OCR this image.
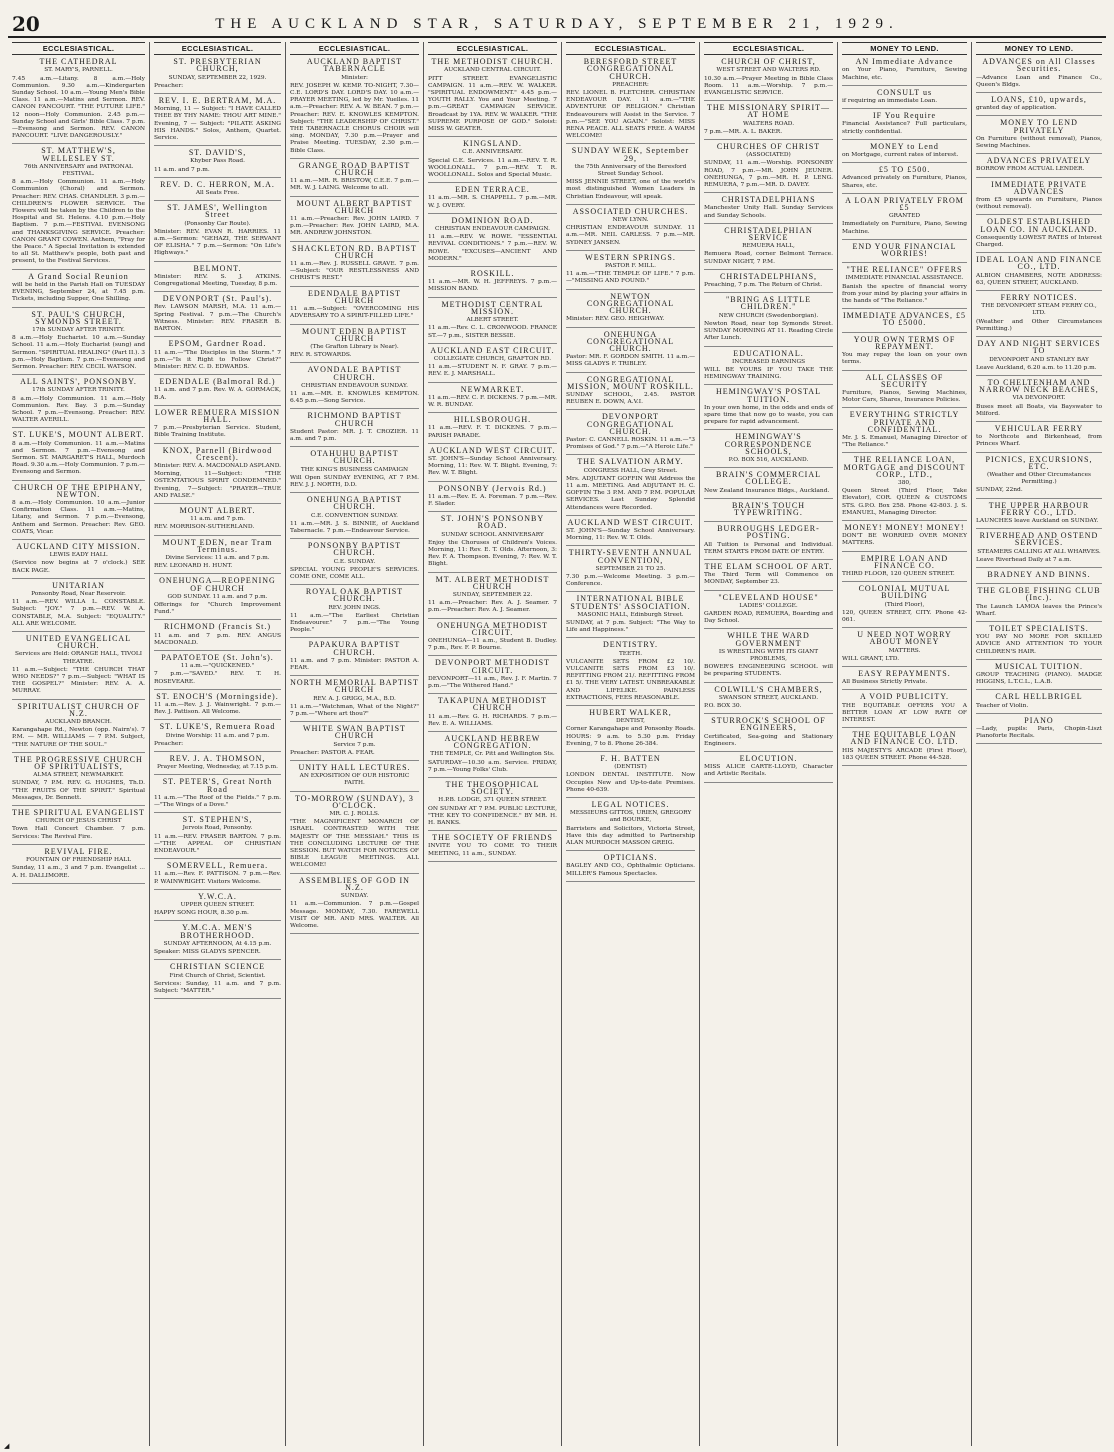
20	THE AUCKLAND STAR, SATURDAY, SEPTEMBER 21, 1929.
ECCLESIASTICAL.
THE CATHEDRAL
ST. MARY'S, PARNELL.

7.45 a.m.—Litany. 8 a.m.—Holy Communion. 9.30 a.m.—Kindergarten Sunday School. 10 a.m.—Young Men's Bible Class. 11 a.m.—Matins and Sermon. REV. CANON FANCOURT. "THE FUTURE LIFE." 12 noon—Holy Communion. 2.45 p.m.—Sunday School and Girls' Bible Class. 7 p.m.—Evensong and Sermon. REV. CANON FANCOURT. "LIVE DANGEROUSLY."

ST. MATTHEW'S, WELLESLEY ST.
76th ANNIVERSARY and PATRONAL FESTIVAL.

8 a.m.—Holy Communion. 11 a.m.—Holy Communion (Choral) and Sermon. Preacher: REV. CHAS. CHANDLER. 3 p.m.—CHILDREN'S FLOWER SERVICE. The Flowers will be taken by the Children to the Hospital and St. Helens. 4.10 p.m.—Holy Baptism. 7 p.m.—FESTIVAL EVENSONG and THANKSGIVING SERVICE. Preacher: CANON GRANT COWEN. Anthem, "Pray for the Peace." A Special Invitation is extended to all St. Matthew's people, both past and present, to the Festival Services.

A Grand Social Reunion

will be held in the Parish Hall on TUESDAY EVENING, September 24, at 7.45 p.m. Tickets, including Supper, One Shilling.

ST. PAUL'S CHURCH, SYMONDS STREET.
17th SUNDAY AFTER TRINITY.

8 a.m.—Holy Eucharist. 10 a.m.—Sunday School. 11 a.m.—Holy Eucharist (sung) and Sermon. "SPIRITUAL HEALING" (Part II.). 3 p.m.—Holy Baptism. 7 p.m.—Evensong and Sermon. Preacher: REV. CECIL WATSON.

ALL SAINTS', PONSONBY.
17th SUNDAY AFTER TRINITY.

8 a.m.—Holy Communion. 11 a.m.—Holy Communion. Rev. Bay. 3 p.m.—Sunday School. 7 p.m.—Evensong. Preacher: REV. WALTER AVERILL.

ST. LUKE'S, MOUNT ALBERT.

8 a.m.—Holy Communion. 11 a.m.—Matins and Sermon. 7 p.m.—Evensong and Sermon. ST. MARGARET'S HALL, Murdoch Road. 9.30 a.m.—Holy Communion. 7 p.m.—Evensong and Sermon.

CHURCH OF THE EPIPHANY, NEWTON.

8 a.m.—Holy Communion. 10 a.m.—Junior Confirmation Class. 11 a.m.—Matins, Litany, and Sermon. 7 p.m.—Evensong, Anthem and Sermon. Preacher: Rev. GEO. COATS, Vicar.

AUCKLAND CITY MISSION.
LEWIS EADY HALL

(Service now begins at 7 o'clock.) SEE BACK PAGE.

UNITARIAN
Ponsonby Road, Near Reservoir.

11 a.m.—REV. WILLA L. CONSTABLE. Subject: "JOY." 7 p.m.—REV. W. A. CONSTABLE, M.A. Subject: "EQUALITY." ALL ARE WELCOME.

UNITED EVANGELICAL CHURCH.
Services are Held: ORANGE HALL, TIVOLI THEATRE.

11 a.m.—Subject: "THE CHURCH THAT WHO NEEDS?" 7 p.m.—Subject: "WHAT IS THE GOSPEL?" Minister: REV. A. A. MURRAY.

SPIRITUALIST CHURCH OF N.Z.
AUCKLAND BRANCH.

Karangahape Rd., Newton (opp. Nairn's). 7 P.M. — MR. WILLIAMS — 7 P.M. Subject, "THE NATURE OF THE SOUL."

THE PROGRESSIVE CHURCH OF SPIRITUALISTS,
ALMA STREET, NEWMARKET.

SUNDAY, 7 P.M. REV. G. HUGHES, Th.D. "THE FRUITS OF THE SPIRIT." Spiritual Messages, Dr. Bennett.

THE SPIRITUAL EVANGELIST
CHURCH OF JESUS CHRIST

Town Hall Concert Chamber. 7 p.m. Services: The Revival Fire.

REVIVAL FIRE.
FOUNTAIN OF FRIENDSHIP HALL

Sunday, 11 a.m., 3 and 7 p.m. Evangelist ... A. H. DALLIMORE.

ECCLESIASTICAL.
ST. PRESBYTERIAN CHURCH,
SUNDAY, SEPTEMBER 22, 1929.

Preacher:

REV. I. E. BERTRAM, M.A.

Morning, 11 — Subject: "I HAVE CALLED THEE BY THY NAME: THOU ART MINE." Evening, 7 — Subject: "PILATE ASKING HIS HANDS." Solos, Anthem, Quartet. Service.

ST. DAVID'S,
Khyber Pass Road.

11 a.m. and 7 p.m.

REV. D. C. HERRON, M.A.
All Seats Free.
ST. JAMES', Wellington Street
(Ponsonby Car Route).

Minister: REV. EVAN R. HARRIES. 11 a.m.—Sermon: "GEHAZI, THE SERVANT OF ELISHA." 7 p.m.—Sermon: "On Life's Highways."

BELMONT.

Minister: REV. S. J. ATKINS. Congregational Meeting, Tuesday, 8 p.m.

DEVONPORT (St. Paul's).

Rev. LAWSON MARSH, M.A. 11 a.m.—Spring Festival. 7 p.m.—The Church's Witness. Minister: REV. FRASER B. BARTON.

EPSOM, Gardner Road.

11 a.m.—"The Disciples in the Storm." 7 p.m.—"Is it Right to Follow Christ?" Minister: REV. C. D. EDWARDS.

EDENDALE (Balmoral Rd.)

11 a.m. and 7 p.m. Rev. W. A. GORMACK, B.A.

LOWER REMUERA MISSION HALL.

7 p.m.—Presbyterian Service. Student, Bible Training Institute.

KNOX, Parnell (Birdwood Crescent).
Minister: REV. A. MACDONALD ASPLAND.

Morning, 11—Subject: "THE OSTENTATIOUS SPIRIT CONDEMNED." Evening, 7—Subject: "PRAYER—TRUE AND FALSE."

MOUNT ALBERT.
11 a.m. and 7 p.m.

REV. MORRISON-SUTHERLAND.

MOUNT EDEN, near Tram Terminus.
Divine Services: 11 a.m. and 7 p.m.

REV. LEONARD H. HUNT.

ONEHUNGA—REOPENING OF CHURCH
GOD SUNDAY. 11 a.m. and 7 p.m.

Offerings for "Church Improvement Fund."

RICHMOND (Francis St.)

11 a.m. and 7 p.m. REV. ANGUS MACDONALD.

PAPATOETOE (St. John's).
11 a.m.—"QUICKENED."

7 p.m.—"SAVED." REV. T. H. ROSEVEARE.

ST. ENOCH'S (Morningside).

11 a.m.—Rev. J. J. Wainwright. 7 p.m.—Rev. J. Pattison. All Welcome.

ST. LUKE'S, Remuera Road
Divine Worship: 11 a.m. and 7 p.m.

Preacher:

REV. J. A. THOMSON,
Prayer Meeting, Wednesday, at 7.15 p.m.
ST. PETER'S, Great North Road

11 a.m.—"The Roof of the Fields." 7 p.m.—"The Wings of a Dove."

ST. STEPHEN'S,
Jervois Road, Ponsonby.

11 a.m.—REV. FRASER BARTON. 7 p.m.—"THE APPEAL OF CHRISTIAN ENDEAVOUR."

SOMERVELL, Remuera.

11 a.m.—Rev. F. PATTISON. 7 p.m.—Rev. P. WAINWRIGHT. Visitors Welcome.

Y.W.C.A.
UPPER QUEEN STREET.

HAPPY SONG HOUR, 8.30 p.m.

Y.M.C.A. MEN'S BROTHERHOOD.
SUNDAY AFTERNOON, At 4.15 p.m.

Speaker: MISS GLADYS SPENCER.

CHRISTIAN SCIENCE
First Church of Christ, Scientist.

Services: Sunday, 11 a.m. and 7 p.m. Subject: "MATTER."

ECCLESIASTICAL.
AUCKLAND BAPTIST TABERNACLE
Minister:

REV. JOSEPH W. KEMP. TO-NIGHT, 7.30—C.E. LORD'S DAY. LORD'S DAY. 10 a.m.—PRAYER MEETING, led by Mr. Yuelles. 11 a.m.—Preacher: REV. A. W. BEAN. 7 p.m.—Preacher: REV. E. KNOWLES KEMPTON. Subject: "THE LEADERSHIP OF CHRIST." THE TABERNACLE CHORUS CHOIR will sing. MONDAY, 7.30 p.m.—Prayer and Praise Meeting. TUESDAY, 2.30 p.m.—Bible Class.

GRANGE ROAD BAPTIST CHURCH

11 a.m.—MR. R. BRISTOW, C.E.E. 7 p.m.—MR. W. J. LAING. Welcome to all.

MOUNT ALBERT BAPTIST CHURCH

11 a.m.—Preacher: Rev. JOHN LAIRD. 7 p.m.—Preacher: Rev. JOHN LAIRD, M.A. MR. ANDREW JOHNSTON.

SHACKLETON RD. BAPTIST CHURCH

11 a.m.—Rev. J. RUSSELL GRAVE. 7 p.m.—Subject: "OUR RESTLESSNESS AND CHRIST'S REST."

EDENDALE BAPTIST CHURCH

11 a.m.—Subject: "OVERCOMING HIS ADVERSARY TO A SPIRIT-FILLED LIFE."

MOUNT EDEN BAPTIST CHURCH
(The Grafton Library is Near).

REV. R. STOWARDS.

AVONDALE BAPTIST CHURCH.
CHRISTIAN ENDEAVOUR SUNDAY.

11 a.m.—MR. E. KNOWLES KEMPTON. 6.45 p.m.—Song Service.

RICHMOND BAPTIST CHURCH

Student Pastor: MR. J. T. CROZIER. 11 a.m. and 7 p.m.

OTAHUHU BAPTIST CHURCH.
THE KING'S BUSINESS CAMPAIGN

Will Open SUNDAY EVENING, AT 7 P.M. REV. J. J. NORTH, D.D.

ONEHUNGA BAPTIST CHURCH.
C.E. CONVENTION SUNDAY.

11 a.m.—MR. J. S. BINNIE, of Auckland Tabernacle. 7 p.m.—Endeavour Service.

PONSONBY BAPTIST CHURCH.
C.E. SUNDAY.

SPECIAL YOUNG PEOPLE'S SERVICES. COME ONE, COME ALL.

ROYAL OAK BAPTIST CHURCH.
REV. JOHN INGS.

11 a.m.—"The Earliest Christian Endeavourer." 7 p.m.—"The Young People."

PAPAKURA BAPTIST CHURCH.

11 a.m. and 7 p.m. Minister: PASTOR A. FEAR.

NORTH MEMORIAL BAPTIST CHURCH
REV. A. J. GRIGG, M.A., B.D.

11 a.m.—"Watchman, What of the Night?" 7 p.m.—"Where art thou?"

WHITE SWAN BAPTIST CHURCH
Service 7 p.m.

Preacher: PASTOR A. FEAR.

UNITY HALL LECTURES.
AN EXPOSITION OF OUR HISTORIC FAITH.
TO-MORROW (SUNDAY), 3 O'CLOCK.
MR. C. J. ROLLS.

"THE MAGNIFICENT MONARCH OF ISRAEL CONTRASTED WITH THE MAJESTY OF THE MESSIAH." THIS IS THE CONCLUDING LECTURE OF THE SESSION. BUT WATCH FOR NOTICES OF BIBLE LEAGUE MEETINGS. ALL WELCOME!

ASSEMBLIES OF GOD IN N.Z.
SUNDAY.

11 a.m.—Communion. 7 p.m.—Gospel Message. MONDAY, 7.30. FAREWELL VISIT OF MR. AND MRS. WALTER. All Welcome.

ECCLESIASTICAL.
THE METHODIST CHURCH.
AUCKLAND CENTRAL CIRCUIT.

PITT STREET. EVANGELISTIC CAMPAIGN. 11 a.m.—REV. W. WALKER. "SPIRITUAL ENDOWMENT." 4.45 p.m.—YOUTH RALLY. You and Your Meeting. 7 p.m.—GREAT CAMPAIGN SERVICE. Broadcast by 1YA. REV. W. WALKER. "THE SUPREME PURPOSE OF GOD." Soloist: MISS W. GEATER.

KINGSLAND.
C.E. ANNIVERSARY.

Special C.E. Services. 11 a.m.—REV. T. R. WOOLLONALL. 7 p.m.—REV. T. R. WOOLLONALL. Solos and Special Music.

EDEN TERRACE.

11 a.m.—MR. S. CHAPPELL. 7 p.m.—MR. W. J. OVERY.

DOMINION ROAD.
CHRISTIAN ENDEAVOUR CAMPAIGN.

11 a.m.—REV. W. ROWE. "ESSENTIAL REVIVAL CONDITIONS." 7 p.m.—REV. W. ROWE. "EXCUSES—ANCIENT AND MODERN."

ROSKILL.

11 a.m.—MR. W. H. JEFFREYS. 7 p.m.—MISSION BAND.

METHODIST CENTRAL MISSION.
ALBERT STREET.

11 a.m.—Rev. C. L. CRONWOOD. FRANCE ST.—7 p.m., SISTER BESSIE.

AUCKLAND EAST CIRCUIT.
COLLEGIATE CHURCH, GRAFTON RD.

11 a.m.—STUDENT N. F. GRAY. 7 p.m.—REV. E. J. MARSHALL.

NEWMARKET.

11 a.m.—REV. C. F. DICKENS. 7 p.m.—MR. W. R. BUNDAY.

HILLSBOROUGH.

11 a.m.—REV. F. T. DICKENS. 7 p.m.—PARISH PARADE.

AUCKLAND WEST CIRCUIT.

ST. JOHN'S—Sunday School Anniversary. Morning, 11: Rev. W. T. Blight. Evening, 7: Rev. W. T. Blight.

PONSONBY (Jervois Rd.)

11 a.m.—Rev. E. A. Foreman. 7 p.m.—Rev. F. Slader.

ST. JOHN'S PONSONBY ROAD.
SUNDAY SCHOOL ANNIVERSARY

Enjoy the Choruses of Children's Voices. Morning, 11: Rev. E. T. Olds. Afternoon, 3: Rev. F. A. Thompson. Evening, 7: Rev. W. T. Blight.

MT. ALBERT METHODIST CHURCH
SUNDAY, SEPTEMBER 22.

11 a.m.—Preacher: Rev. A. J. Seamer. 7 p.m.—Preacher: Rev. A. J. Seamer.

ONEHUNGA METHODIST CIRCUIT.

ONEHUNGA—11 a.m., Student B. Dudley. 7 p.m., Rev. F. P. Bourne.

DEVONPORT METHODIST CIRCUIT.

DEVONPORT—11 a.m., Rev. J. F. Martin. 7 p.m.—"The Withered Hand."

TAKAPUNA METHODIST CHURCH

11 a.m.—Rev. G. H. RICHARDS. 7 p.m.—Rev. E. A. WILLIAMS.

AUCKLAND HEBREW CONGREGATION.
THE TEMPLE, Cr. Pitt and Wellington Sts.

SATURDAY—10.30 a.m. Service. FRIDAY, 7 p.m.—Young Folks' Club.

THE THEOSOPHICAL SOCIETY.
H.P.B. LODGE, 371 QUEEN STREET.

ON SUNDAY AT 7 P.M. PUBLIC LECTURE, "THE KEY TO CONFIDENCE." BY MR. H. H. BANKS.

THE SOCIETY OF FRIENDS

INVITE YOU TO COME TO THEIR MEETING, 11 a.m., SUNDAY.

ECCLESIASTICAL.
BERESFORD STREET CONGREGATIONAL CHURCH.
PREACHER:

REV. LIONEL B. FLETCHER. CHRISTIAN ENDEAVOUR DAY. 11 a.m.—"THE ADVENTURE OF RELIGION." Christian Endeavourers will Assist in the Service. 7 p.m.—"SEE YOU AGAIN." Soloist: MISS RENA PEACE. ALL SEATS FREE. A WARM WELCOME!

SUNDAY WEEK, September 29,
the 75th Anniversary of the Beresford Street Sunday School.

MISS JENNIE STREET, one of the world's most distinguished Women Leaders in Christian Endeavour, will speak.

ASSOCIATED CHURCHES.
NEW LYNN.

CHRISTIAN ENDEAVOUR SUNDAY. 11 a.m.—MR. NEIL CARLESS. 7 p.m.—MR. SYDNEY JANSEN.

WESTERN SPRINGS.
PASTOR F. MILL.

11 a.m.—"THE TEMPLE OF LIFE." 7 p.m.—"MISSING AND FOUND."

NEWTON CONGREGATIONAL CHURCH.

Minister: REV. GEO. HEIGHWAY.

ONEHUNGA CONGREGATIONAL CHURCH.

Pastor: MR. F. GORDON SMITH. 11 a.m.—MISS GLADYS F. TRIBLEY.

CONGREGATIONAL MISSION, MOUNT ROSKILL.

SUNDAY SCHOOL, 2.45. PASTOR REUBEN E. DOWN, A.V.I.

DEVONPORT CONGREGATIONAL CHURCH.

Pastor: C. CANNELL ROSKIN. 11 a.m.—"3 Promises of God." 7 p.m.—"A Heroic Life."

THE SALVATION ARMY.
CONGRESS HALL, Grey Street.

Mrs. ADJUTANT GOFFIN Will Address the 11 a.m. MEETING. And ADJUTANT H. C. GOFFIN The 3 P.M. AND 7 P.M. POPULAR SERVICES. Last Sunday Splendid Attendances were Recorded.

AUCKLAND WEST CIRCUIT.

ST. JOHN'S—Sunday School Anniversary. Morning, 11: Rev. W. T. Olds.

THIRTY-SEVENTH ANNUAL CONVENTION,
SEPTEMBER 21 TO 25.

7.30 p.m.—Welcome Meeting. 3 p.m.—Conference.

INTERNATIONAL BIBLE STUDENTS' ASSOCIATION.
MASONIC HALL, Edinburgh Street.

SUNDAY, at 7 p.m. Subject: "The Way to Life and Happiness."

DENTISTRY.
TEETH.

VULCANITE SETS FROM £2 10/. VULCANITE SETS FROM £3 10/. REFITTING FROM 21/. REFITTING FROM £1 5/. THE VERY LATEST. UNBREAKABLE AND LIFELIKE. PAINLESS EXTRACTIONS, FEES REASONABLE.

HUBERT WALKER,
DENTIST,

Corner Karangahape and Ponsonby Roads. HOURS: 9 a.m. to 5.30 p.m. Friday Evening, 7 to 8. Phone 26-384.

F. H. BATTEN
(DENTIST)

LONDON DENTAL INSTITUTE. Now Occupies New and Up-to-date Premises. Phone 40-639.

LEGAL NOTICES.
MESSIEURS GITTOS, URIEN, GREGORY and BOURKE,

Barristers and Solicitors, Victoria Street, Have this day admitted to Partnership ALAN MURDOCH MASSON GREIG.

OPTICIANS.

BAGLEY AND CO., Ophthalmic Opticians. MILLER'S Famous Spectacles.

ECCLESIASTICAL.
CHURCH OF CHRIST,
WEST STREET AND WALTERS RD.

10.30 a.m.—Prayer Meeting in Bible Class Room. 11 a.m.—Worship. 7 p.m.—EVANGELISTIC SERVICE.

THE MISSIONARY SPIRIT—AT HOME
WALTERS ROAD.

7 p.m.—MR. A. L. BAKER.

CHURCHES OF CHRIST
(ASSOCIATED)

SUNDAY, 11 a.m.—Worship. PONSONBY ROAD, 7 p.m.—MR. JOHN JEUNER. ONEHUNGA, 7 p.m.—MR. H. P. LENG. REMUERA, 7 p.m.—MR. D. DAVEY.

CHRISTADELPHIANS

Manchester Unity Hall. Sunday Services and Sunday Schools.

CHRISTADELPHIAN SERVICE
REMUERA HALL,

Remuera Road, corner Belmont Terrace. SUNDAY NIGHT, 7 P.M.

CHRISTADELPHIANS,

Preaching, 7 p.m. The Return of Christ.

"BRING AS LITTLE CHILDREN."
NEW CHURCH (Swedenborgian).

Newton Road, near top Symonds Street. SUNDAY MORNING AT 11. Reading Circle After Lunch.

EDUCATIONAL.
INCREASED EARNINGS

WILL BE YOURS IF YOU TAKE THE HEMINGWAY TRAINING.

HEMINGWAY'S POSTAL TUITION.

In your own home, in the odds and ends of spare time that now go to waste, you can prepare for rapid advancement.

HEMINGWAY'S CORRESPONDENCE SCHOOLS,
P.O. BOX 516, AUCKLAND.
BRAIN'S COMMERCIAL COLLEGE.

New Zealand Insurance Bldgs., Auckland.

BRAIN'S TOUCH TYPEWRITING.
BURROUGHS LEDGER-POSTING.

All Tuition is Personal and Individual. TERM STARTS FROM DATE OF ENTRY.

THE ELAM SCHOOL OF ART.

The Third Term will Commence on MONDAY, September 23.

"CLEVELAND HOUSE"
LADIES' COLLEGE.

GARDEN ROAD, REMUERA, Boarding and Day School.

WHILE THE WARD GOVERNMENT
IS WRESTLING WITH ITS GIANT PROBLEMS,

BOWER'S ENGINEERING SCHOOL will be preparing STUDENTS.

COLWILL'S CHAMBERS,
SWANSON STREET, AUCKLAND.

P.O. BOX 30.

STURROCK'S SCHOOL OF ENGINEERS,

Certificated, Sea-going and Stationary Engineers.

ELOCUTION.

MISS ALICE CARTE-LLOYD, Character and Artistic Recitals.

MONEY TO LEND.
AN Immediate Advance

on Your Piano, Furniture, Sewing Machine, etc.

CONSULT us

if requiring an immediate Loan.

IF You Require

Financial Assistance? Full particulars, strictly confidential.

MONEY to Lend

on Mortgage, current rates of interest.

£5 TO £500.

Advanced privately on Furniture, Pianos, Shares, etc.

A LOAN PRIVATELY FROM £5
GRANTED

Immediately on Furniture, Piano, Sewing Machine.

END YOUR FINANCIAL WORRIES!
"THE RELIANCE" OFFERS
IMMEDIATE FINANCIAL ASSISTANCE.

Banish the spectre of financial worry from your mind by placing your affairs in the hands of "The Reliance."

IMMEDIATE ADVANCES, £5 TO £5000.
YOUR OWN TERMS OF REPAYMENT.

You may repay the loan on your own terms.

ALL CLASSES OF SECURITY

Furniture, Pianos, Sewing Machines, Motor Cars, Shares, Insurance Policies.

EVERYTHING STRICTLY PRIVATE AND CONFIDENTIAL.

Mr. J. S. Emanuel, Managing Director of "The Reliance."

THE RELIANCE LOAN, MORTGAGE and DISCOUNT CORP., LTD.,
380,

Queen Street (Third Floor, Take Elevator), COR. QUEEN & CUSTOMS STS. G.P.O. Box 258. Phone 42-803. J. S. EMANUEL, Managing Director.

MONEY! MONEY! MONEY!

DON'T BE WORRIED OVER MONEY MATTERS.

EMPIRE LOAN AND FINANCE CO.

THIRD FLOOR, 120 QUEEN STREET.

COLONIAL MUTUAL BUILDING
(Third Floor),

120, QUEEN STREET, CITY. Phone 42-061.

U NEED NOT WORRY ABOUT MONEY
MATTERS.

WILL GRANT, LTD.

EASY REPAYMENTS.

All Business Strictly Private.

A VOID PUBLICITY.

THE EQUITABLE OFFERS YOU A BETTER LOAN AT LOW RATE OF INTEREST.

THE EQUITABLE LOAN AND FINANCE CO. LTD.

HIS MAJESTY'S ARCADE (First Floor), 183 QUEEN STREET. Phone 44-528.

MONEY TO LEND.
ADVANCES on All Classes Securities.

—Advance Loan and Finance Co., Queen's Bldgs.

LOANS, £10, upwards,

granted day of application.

MONEY TO LEND PRIVATELY

On Furniture (without removal), Pianos, Sewing Machines.

ADVANCES PRIVATELY

BORROW FROM ACTUAL LENDER.

IMMEDIATE PRIVATE ADVANCES

from £5 upwards on Furniture, Pianos (without removal).

OLDEST ESTABLISHED LOAN CO. IN AUCKLAND.

Consequently LOWEST RATES of Interest Charged.

IDEAL LOAN AND FINANCE CO., LTD.

ALBION CHAMBERS, NOTE ADDRESS: 63, QUEEN STREET, AUCKLAND.

FERRY NOTICES.
THE DEVONPORT STEAM FERRY CO., LTD.

(Weather and Other Circumstances Permitting.)

DAY AND NIGHT SERVICES TO
DEVONPORT AND STANLEY BAY

Leave Auckland, 6.20 a.m. to 11.20 p.m.

TO CHELTENHAM AND NARROW NECK BEACHES,
VIA DEVONPORT.

Buses meet all Boats, via Bayswater to Milford.

VEHICULAR FERRY

to Northcote and Birkenhead, from Princes Wharf.

PICNICS, EXCURSIONS, ETC.
(Weather and Other Circumstances Permitting.)

SUNDAY, 22nd.

THE UPPER HARBOUR FERRY CO., LTD.

LAUNCHES leave Auckland on SUNDAY.

RIVERHEAD AND OSTEND SERVICES.
STEAMERS CALLING AT ALL WHARVES.

Leave Riverhead Daily at 7 a.m.

BRADNEY AND BINNS.
THE GLOBE FISHING CLUB (Inc.).

The Launch LAMOA leaves the Prince's Wharf.

TOILET SPECIALISTS.

YOU PAY NO MORE FOR SKILLED ADVICE AND ATTENTION TO YOUR CHILDREN'S HAIR.

MUSICAL TUITION.

GROUP TEACHING (PIANO). MADGE HIGGINS, L.T.C.L., L.A.B.

CARL HELLBRIGEL

Teacher of Violin.

PIANO

—Lady, pupils: Paris, Chopin-Liszt Pianoforte Recitals.

◢
